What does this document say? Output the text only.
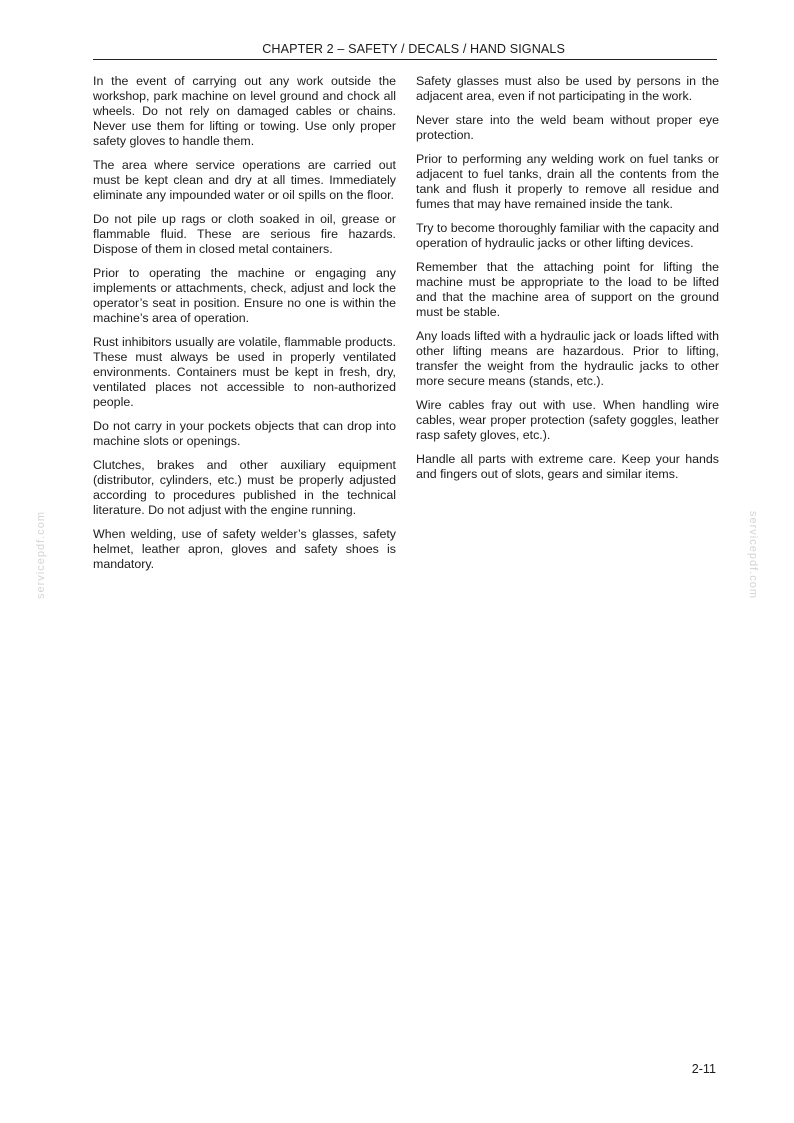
CHAPTER 2 – SAFETY / DECALS / HAND SIGNALS

In the event of carrying out any work outside the workshop, park machine on level ground and chock all wheels. Do not rely on damaged cables or chains. Never use them for lifting or towing. Use only proper safety gloves to handle them.

The area where service operations are carried out must be kept clean and dry at all times. Immediately eliminate any impounded water or oil spills on the floor.

Do not pile up rags or cloth soaked in oil, grease or flammable fluid. These are serious fire hazards. Dispose of them in closed metal containers.

Prior to operating the machine or engaging any implements or attachments, check, adjust and lock the operator’s seat in position. Ensure no one is within the machine’s area of operation.

Rust inhibitors usually are volatile, flammable products. These must always be used in properly ventilated environments. Containers must be kept in fresh, dry, ventilated places not accessible to non-authorized people.

Do not carry in your pockets objects that can drop into machine slots or openings.

Clutches, brakes and other auxiliary equipment (distributor, cylinders, etc.) must be properly adjusted according to procedures published in the technical literature. Do not adjust with the engine running.

When welding, use of safety welder’s glasses, safety helmet, leather apron, gloves and safety shoes is mandatory.

Safety glasses must also be used by persons in the adjacent area, even if not participating in the work.

Never stare into the weld beam without proper eye protection.

Prior to performing any welding work on fuel tanks or adjacent to fuel tanks, drain all the contents from the tank and flush it properly to remove all residue and fumes that may have remained inside the tank.

Try to become thoroughly familiar with the capacity and operation of hydraulic jacks or other lifting devices.

Remember that the attaching point for lifting the machine must be appropriate to the load to be lifted and that the machine area of support on the ground must be stable.

Any loads lifted with a hydraulic jack or loads lifted with other lifting means are hazardous. Prior to lifting, transfer the weight from the hydraulic jacks to other more secure means (stands, etc.).

Wire cables fray out with use. When handling wire cables, wear proper protection (safety goggles, leather rasp safety gloves, etc.).

Handle all parts with extreme care. Keep your hands and fingers out of slots, gears and similar items.

servicepdf.com	servicepdf.com
2-11
